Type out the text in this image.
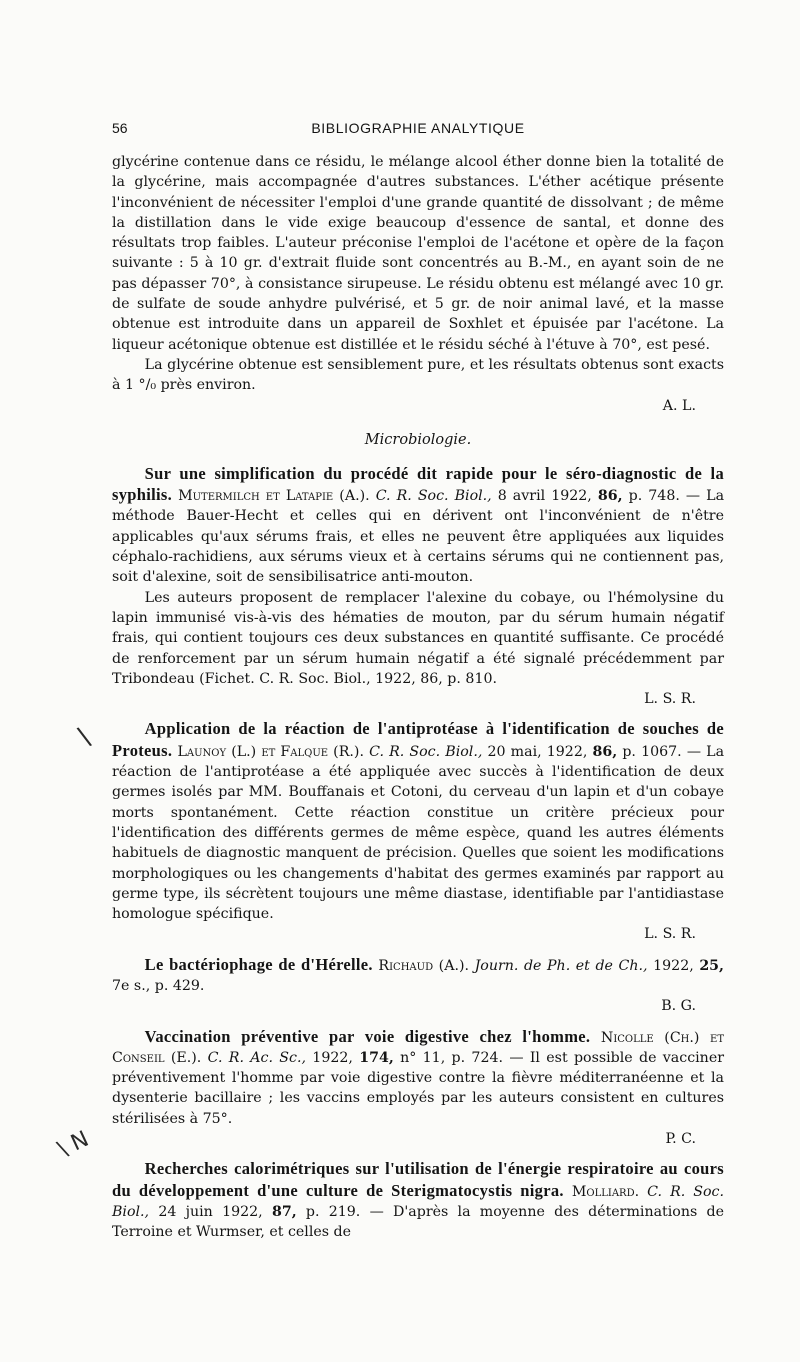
56	BIBLIOGRAPHIE ANALYTIQUE

glycérine contenue dans ce résidu, le mélange alcool éther donne bien la totalité de la glycérine, mais accompagnée d'autres substances. L'éther acétique présente l'inconvénient de nécessiter l'emploi d'une grande quantité de dissolvant ; de même la distillation dans le vide exige beaucoup d'essence de santal, et donne des résultats trop faibles. L'auteur préconise l'emploi de l'acétone et opère de la façon suivante : 5 à 10 gr. d'extrait fluide sont concentrés au B.-M., en ayant soin de ne pas dépasser 70°, à consistance sirupeuse. Le résidu obtenu est mélangé avec 10 gr. de sulfate de soude anhydre pulvérisé, et 5 gr. de noir animal lavé, et la masse obtenue est introduite dans un appareil de Soxhlet et épuisée par l'acétone. La liqueur acétonique obtenue est distillée et le résidu séché à l'étuve à 70°, est pesé.

La glycérine obtenue est sensiblement pure, et les résultats obtenus sont exacts à 1 °/₀ près environ.

A. L.
Microbiologie.

Sur une simplification du procédé dit rapide pour le séro-diagnostic de la syphilis. Mutermilch et Latapie (A.). C. R. Soc. Biol., 8 avril 1922, 86, p. 748. — La méthode Bauer-Hecht et celles qui en dérivent ont l'inconvénient de n'être applicables qu'aux sérums frais, et elles ne peuvent être appliquées aux liquides céphalo-rachidiens, aux sérums vieux et à certains sérums qui ne contiennent pas, soit d'alexine, soit de sensibilisatrice anti-mouton.

Les auteurs proposent de remplacer l'alexine du cobaye, ou l'hémolysine du lapin immunisé vis-à-vis des hématies de mouton, par du sérum humain négatif frais, qui contient toujours ces deux substances en quantité suffisante. Ce procédé de renforcement par un sérum humain négatif a été signalé précédemment par Tribondeau (Fichet. C. R. Soc. Biol., 1922, 86, p. 810.

L. S. R.

Application de la réaction de l'antiprotéase à l'identification de souches de Proteus. Launoy (L.) et Falque (R.). C. R. Soc. Biol., 20 mai, 1922, 86, p. 1067. — La réaction de l'antiprotéase a été appliquée avec succès à l'identification de deux germes isolés par MM. Bouffanais et Cotoni, du cerveau d'un lapin et d'un cobaye morts spontanément. Cette réaction constitue un critère précieux pour l'identification des différents germes de même espèce, quand les autres éléments habituels de diagnostic manquent de précision. Quelles que soient les modifications morphologiques ou les changements d'habitat des germes examinés par rapport au germe type, ils sécrètent toujours une même diastase, identifiable par l'antidiastase homologue spécifique.

L. S. R.

Le bactériophage de d'Hérelle. Richaud (A.). Journ. de Ph. et de Ch., 1922, 25, 7e s., p. 429.

B. G.

Vaccination préventive par voie digestive chez l'homme. Nicolle (Ch.) et Conseil (E.). C. R. Ac. Sc., 1922, 174, n° 11, p. 724. — Il est possible de vacciner préventivement l'homme par voie digestive contre la fièvre méditerranéenne et la dysenterie bacillaire ; les vaccins employés par les auteurs consistent en cultures stérilisées à 75°.

P. C.

Recherches calorimétriques sur l'utilisation de l'énergie respiratoire au cours du développement d'une culture de Sterigmatocystis nigra. Molliard. C. R. Soc. Biol., 24 juin 1922, 87, p. 219. — D'après la moyenne des déterminations de Terroine et Wurmser, et celles de

\
\ N
